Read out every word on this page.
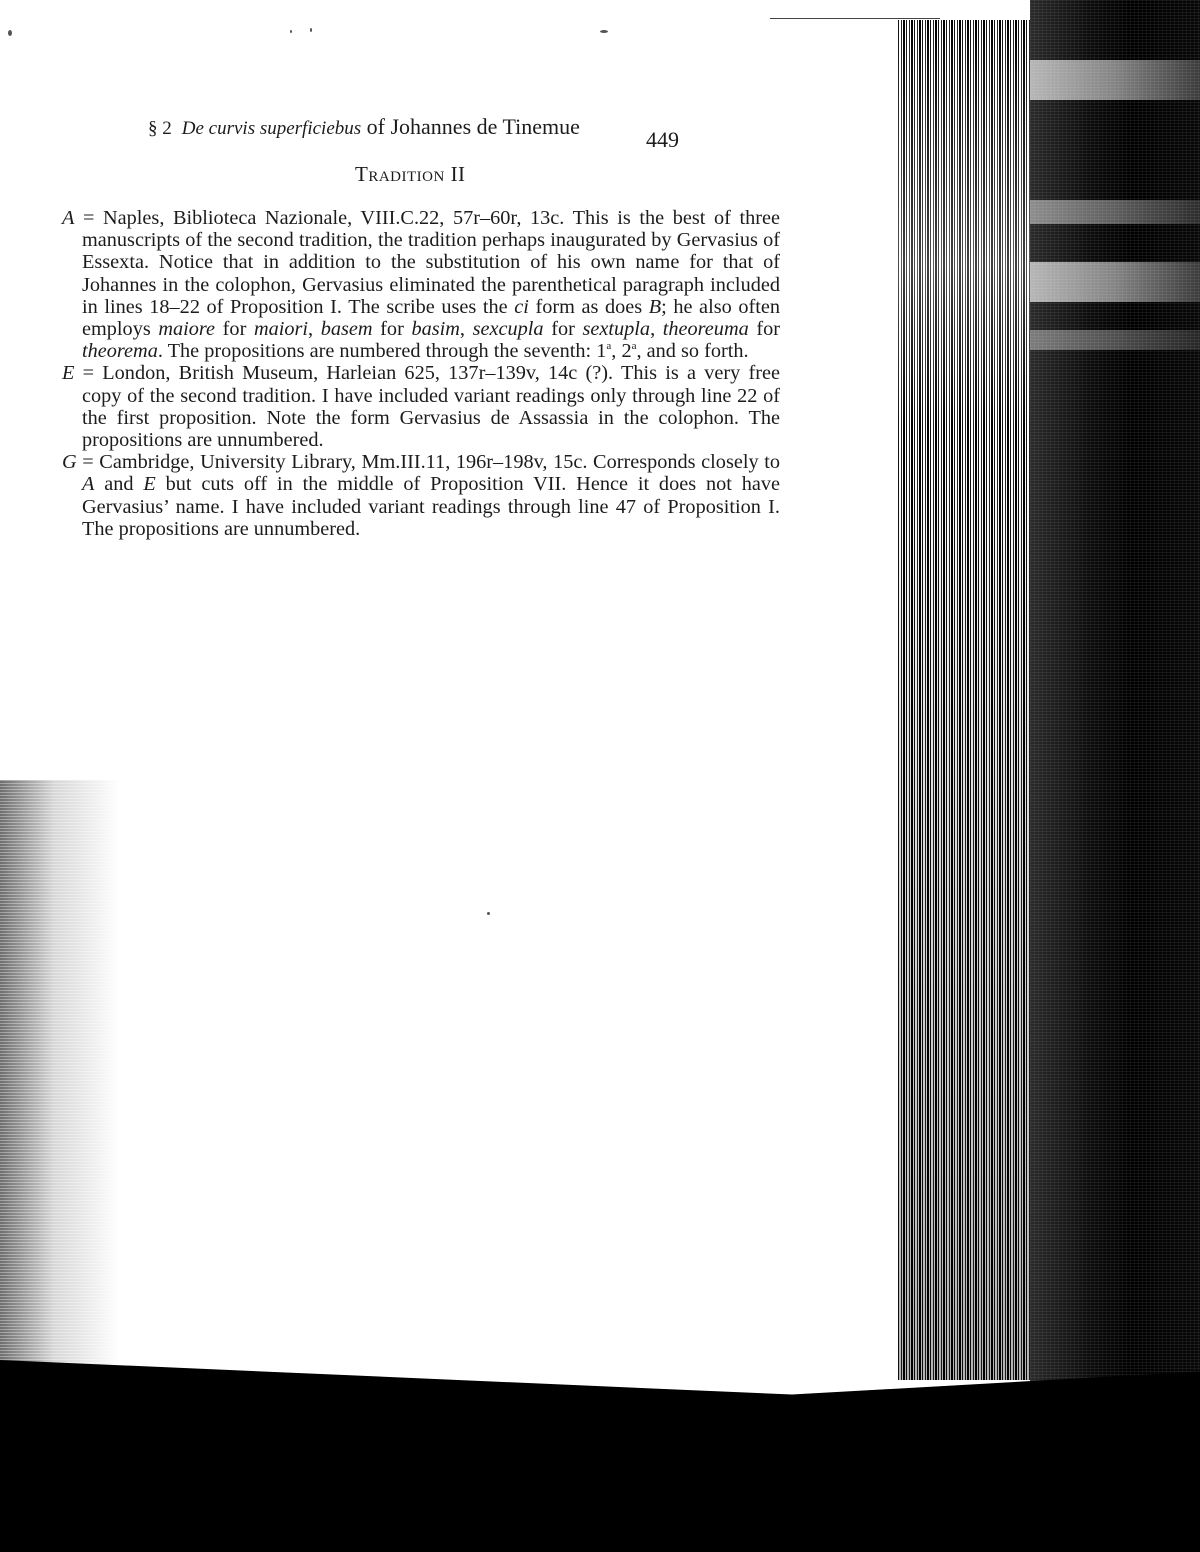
§ 2 De curvis superficiebus of Johannes de Tinemue
449
Tradition II

A = Naples, Biblioteca Nazionale, VIII.C.22, 57r–60r, 13c. This is the best of three manuscripts of the second tradition, the tradition perhaps inaugurated by Gervasius of Essexta. Notice that in addition to the substitution of his own name for that of Johannes in the colophon, Gervasius eliminated the parenthetical paragraph included in lines 18–22 of Proposition I. The scribe uses the ci form as does B; he also often employs maiore for maiori, basem for basim, sexcupla for sextupla, theoreuma for theorema. The propositions are numbered through the seventh: 1$^a$, 2$^a$, and so forth.

E = London, British Museum, Harleian 625, 137r–139v, 14c (?). This is a very free copy of the second tradition. I have included variant readings only through line 22 of the first proposition. Note the form Gervasius de Assassia in the colophon. The propositions are unnumbered.

G = Cambridge, University Library, Mm.III.11, 196r–198v, 15c. Corresponds closely to A and E but cuts off in the middle of Proposition VII. Hence it does not have Gervasius’ name. I have included variant readings through line 47 of Proposition I. The propositions are unnumbered.
